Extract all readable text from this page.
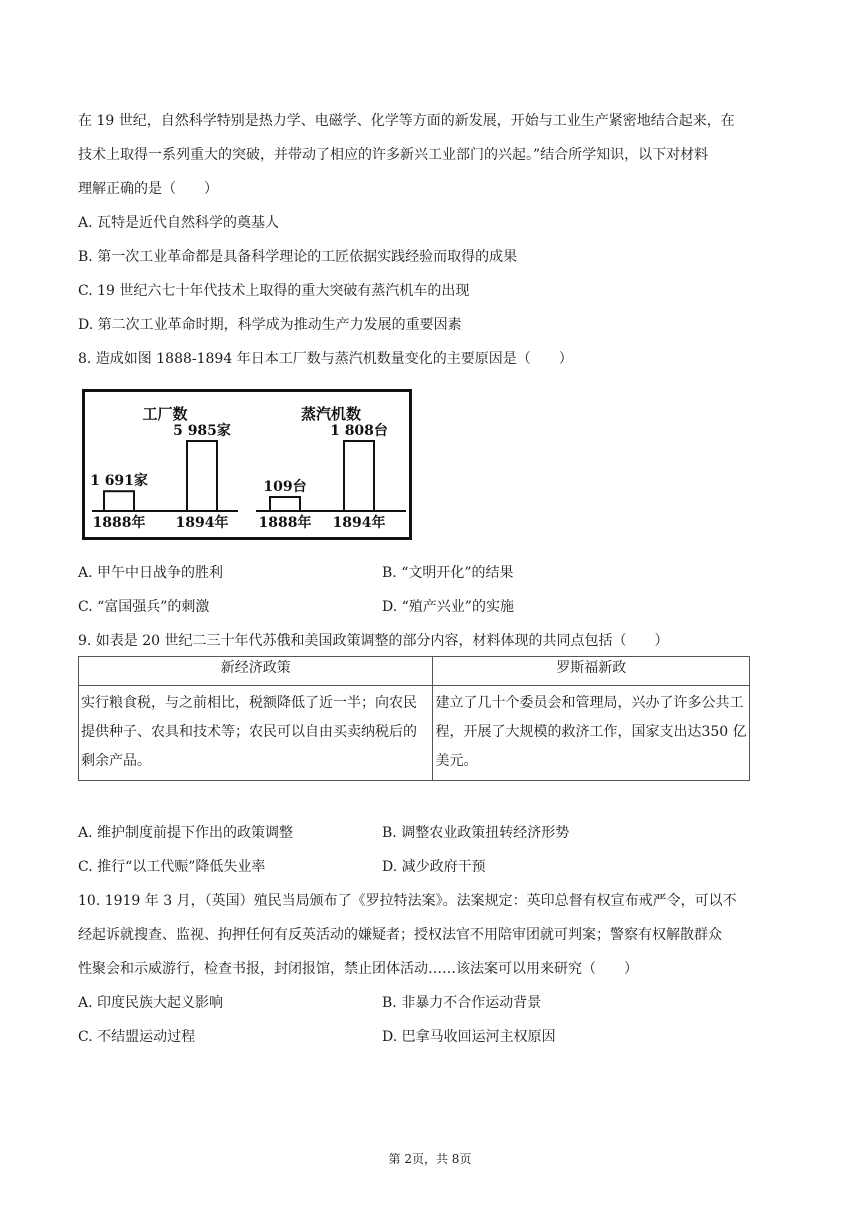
在 19 世纪，自然科学特别是热力学、电磁学、化学等方面的新发展，开始与工业生产紧密地结合起来，在
技术上取得一系列重大的突破，并带动了相应的许多新兴工业部门的兴起。”结合所学知识，以下对材料
理解正确的是（　　）
A. 瓦特是近代自然科学的奠基人
B. 第一次工业革命都是具备科学理论的工匠依据实践经验而取得的成果
C. 19 世纪六七十年代技术上取得的重大突破有蒸汽机车的出现
D. 第二次工业革命时期，科学成为推动生产力发展的重要因素
8. 造成如图 1888-1894 年日本工厂数与蒸汽机数量变化的主要原因是（　　）
工厂数
1 691家
1888年
5 985家
1894年
蒸汽机数
109台
1888年
1 808台
1894年
A. 甲午中日战争的胜利	B. “文明开化”的结果
C. “富国强兵”的刺激	D. “殖产兴业”的实施
9. 如表是 20 世纪二三十年代苏俄和美国政策调整的部分内容，材料体现的共同点包括（　　）
新经济政策	罗斯福新政
实行粮食税，与之前相比，税额降低了近一半；向农民提供种子、农具和技术等；农民可以自由买卖纳税后的剩余产品。	建立了几十个委员会和管理局，兴办了许多公共工程，开展了大规模的救济工作，国家支出达350 亿美元。
A. 维护制度前提下作出的政策调整	B. 调整农业政策扭转经济形势
C. 推行“以工代赈”降低失业率	D. 减少政府干预
10. 1919 年 3 月，（英国）殖民当局颁布了《罗拉特法案》。法案规定：英印总督有权宣布戒严令，可以不
经起诉就搜查、监视、拘押任何有反英活动的嫌疑者；授权法官不用陪审团就可判案；警察有权解散群众
性聚会和示威游行，检查书报，封闭报馆，禁止团体活动……该法案可以用来研究（　　）
A. 印度民族大起义影响	B. 非暴力不合作运动背景
C. 不结盟运动过程	D. 巴拿马收回运河主权原因
第 2页，共 8页
